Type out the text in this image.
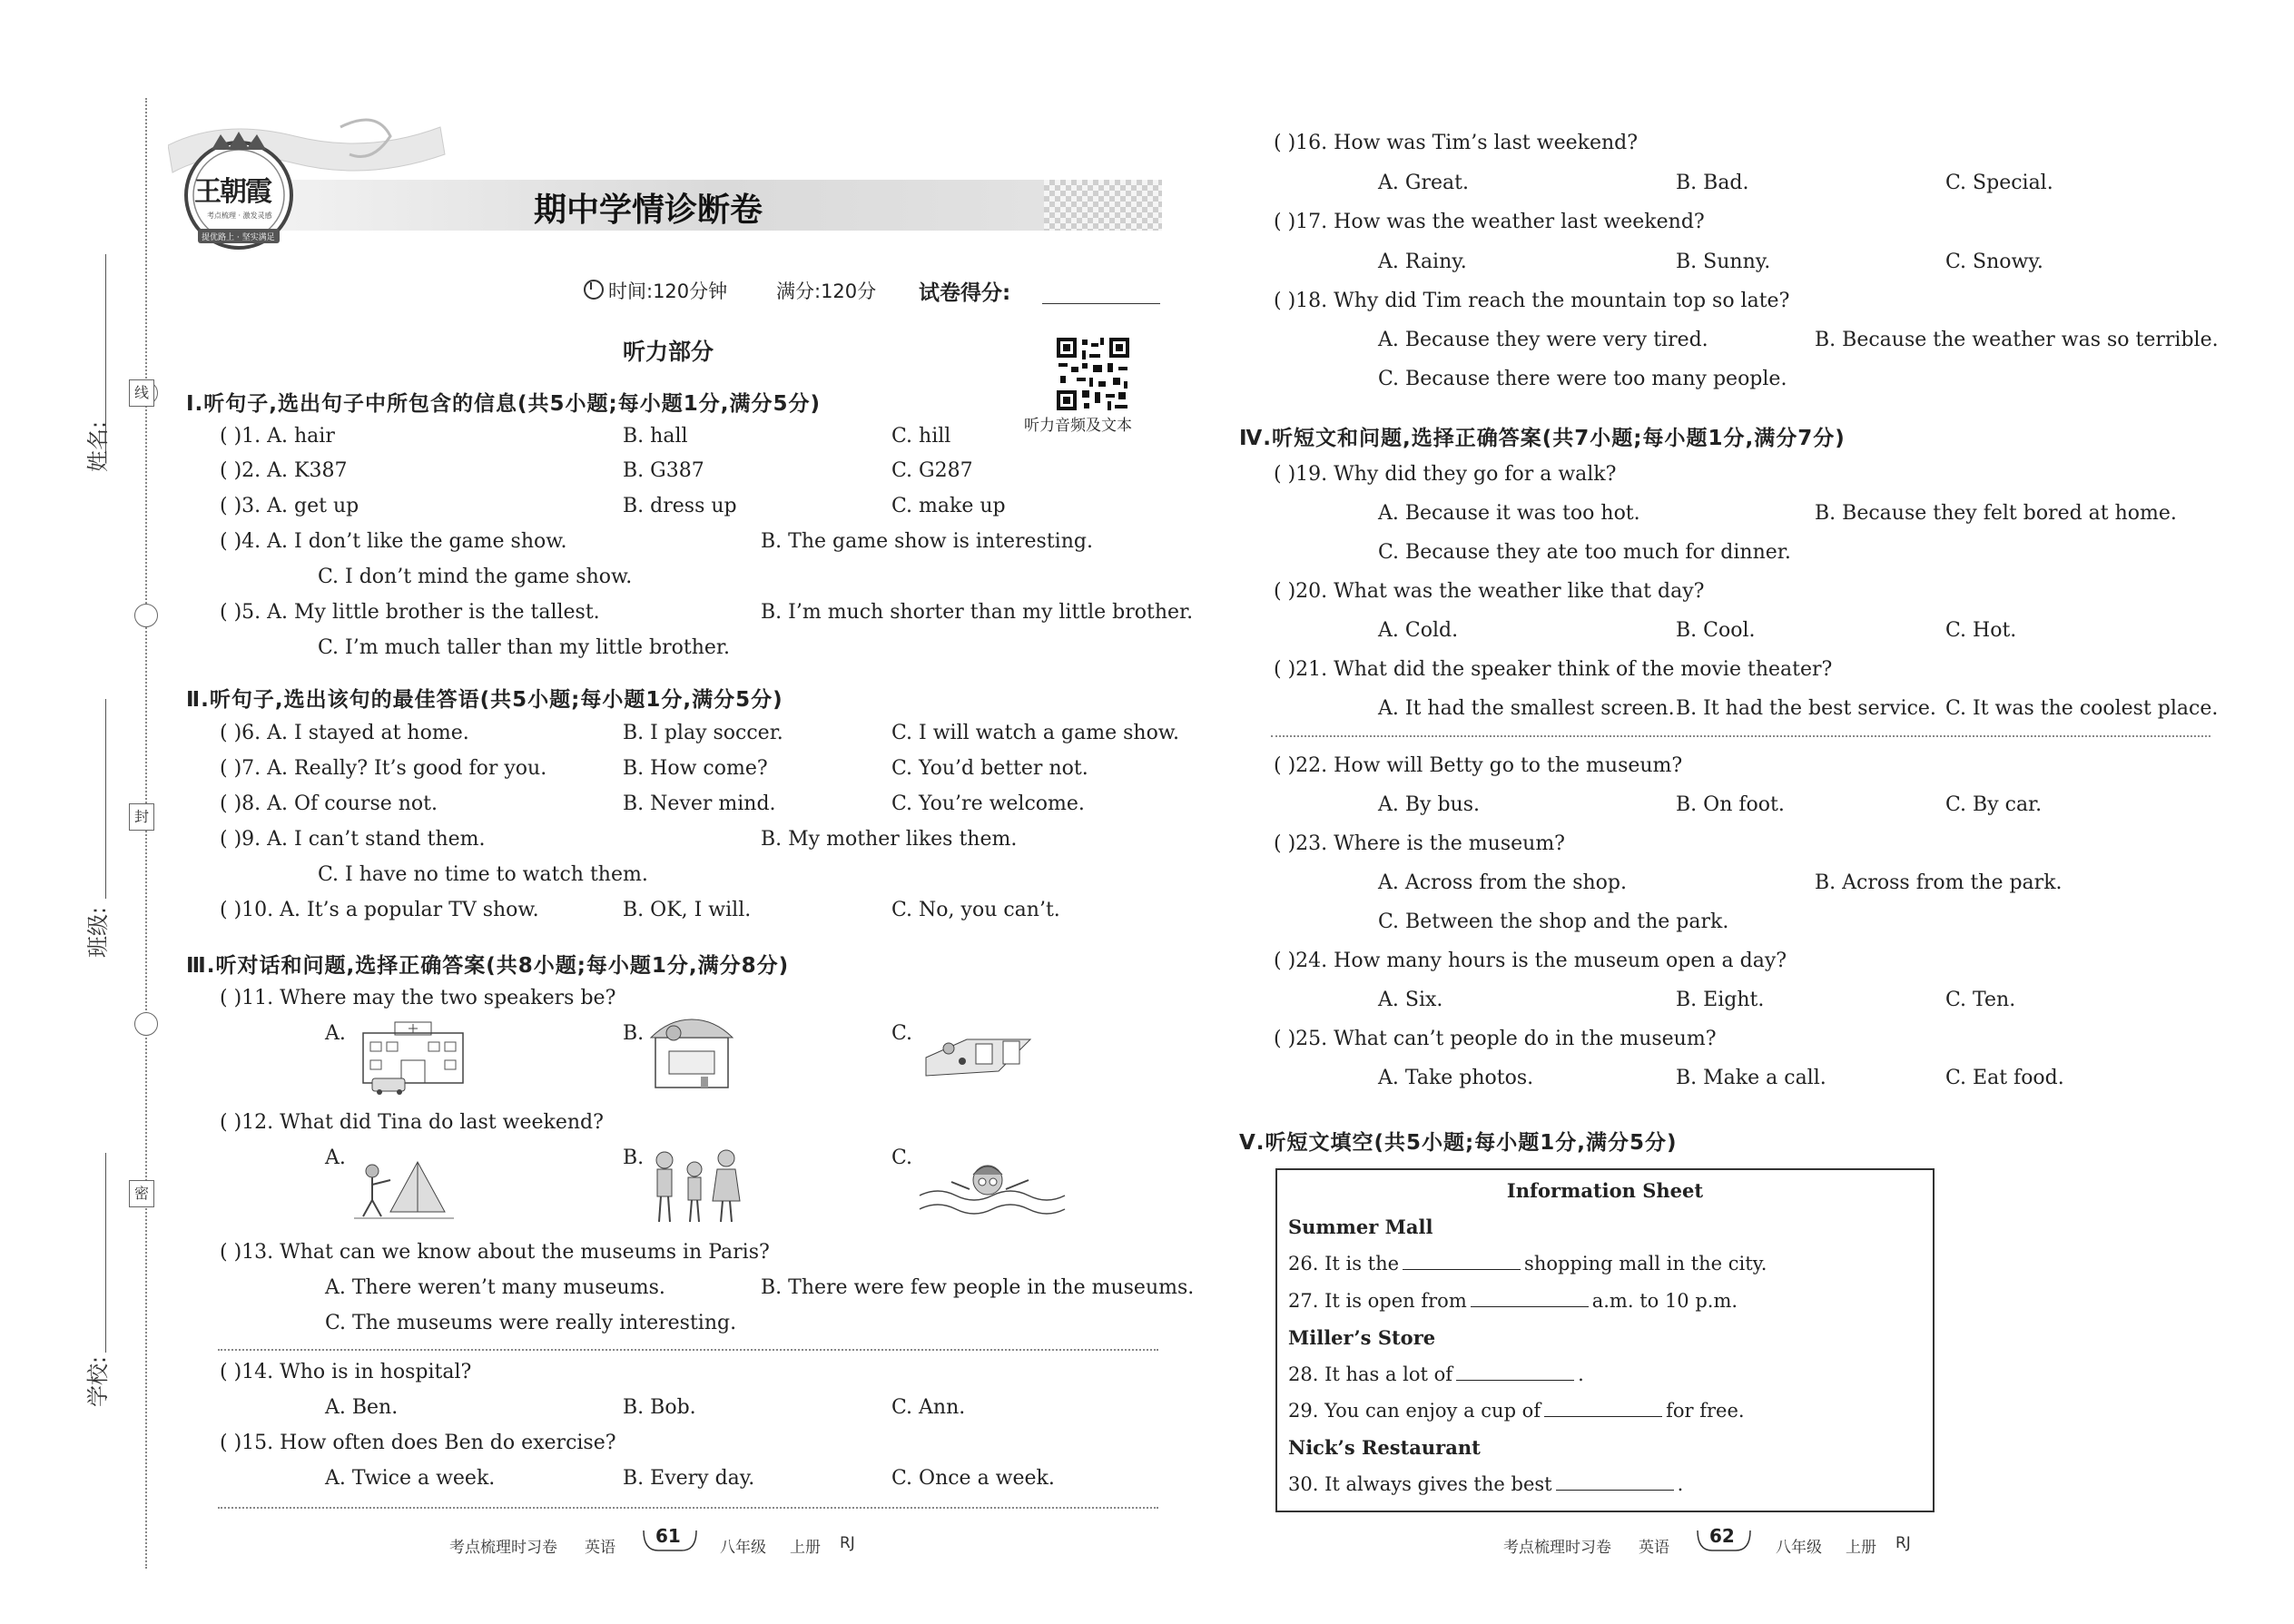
线
封
密
姓名:
班级:
学校:
期中学情诊断卷
王朝霞
考点梳理 · 激发灵感
提优路上 · 坚实满足
时间:120分钟	满分:120分 试卷得分:
听力部分
听力音频及文本
Ⅰ.听句子,选出句子中所包含的信息(共5小题;每小题1分,满分5分)
( )1. A. hair	B. hall	C. hill
( )2. A. K387	B. G387	C. G287
( )3. A. get up	B. dress up	C. make up
( )4. A. I don’t like the game show.	B. The game show is interesting.
C. I don’t mind the game show.
( )5. A. My little brother is the tallest.	B. I’m much shorter than my little brother.
C. I’m much taller than my little brother.
Ⅱ.听句子,选出该句的最佳答语(共5小题;每小题1分,满分5分)
( )6. A. I stayed at home.	B. I play soccer.	C. I will watch a game show.
( )7. A. Really? It’s good for you.	B. How come?	C. You’d better not.
( )8. A. Of course not.	B. Never mind.	C. You’re welcome.
( )9. A. I can’t stand them.	B. My mother likes them.
C. I have no time to watch them.
( )10. A. It’s a popular TV show.	B. OK, I will.	C. No, you can’t.
Ⅲ.听对话和问题,选择正确答案(共8小题;每小题1分,满分8分)
( )11. Where may the two speakers be?
A.	B.	C.
( )12. What did Tina do last weekend?
A.	B.	C.
( )13. What can we know about the museums in Paris?
A. There weren’t many museums.	B. There were few people in the museums.
C. The museums were really interesting.
( )14. Who is in hospital?
A. Ben.	B. Bob.	C. Ann.
( )15. How often does Ben do exercise?
A. Twice a week.	B. Every day.	C. Once a week.
考点梳理时习卷 英语
61
八年级 上册 RJ
( )16. How was Tim’s last weekend?
A. Great.	B. Bad.	C. Special.
( )17. How was the weather last weekend?
A. Rainy.	B. Sunny.	C. Snowy.
( )18. Why did Tim reach the mountain top so late?
A. Because they were very tired.	B. Because the weather was so terrible.
C. Because there were too many people.
Ⅳ.听短文和问题,选择正确答案(共7小题;每小题1分,满分7分)
( )19. Why did they go for a walk?
A. Because it was too hot.	B. Because they felt bored at home.
C. Because they ate too much for dinner.
( )20. What was the weather like that day?
A. Cold.	B. Cool.	C. Hot.
( )21. What did the speaker think of the movie theater?
A. It had the smallest screen. B. It had the best service. C. It was the coolest place.
( )22. How will Betty go to the museum?
A. By bus.	B. On foot.	C. By car.
( )23. Where is the museum?
A. Across from the shop.	B. Across from the park.
C. Between the shop and the park.
( )24. How many hours is the museum open a day?
A. Six.	B. Eight.	C. Ten.
( )25. What can’t people do in the museum?
A. Take photos.	B. Make a call.	C. Eat food.
Ⅴ.听短文填空(共5小题;每小题1分,满分5分)
Information Sheet
Summer Mall
26. It is the	shopping mall in the city.
27. It is open from	a.m. to 10 p.m.
Miller’s Store
28. It has a lot of	.
29. You can enjoy a cup of	for free.
Nick’s Restaurant
30. It always gives the best	.
考点梳理时习卷 英语
62
八年级 上册 RJ
